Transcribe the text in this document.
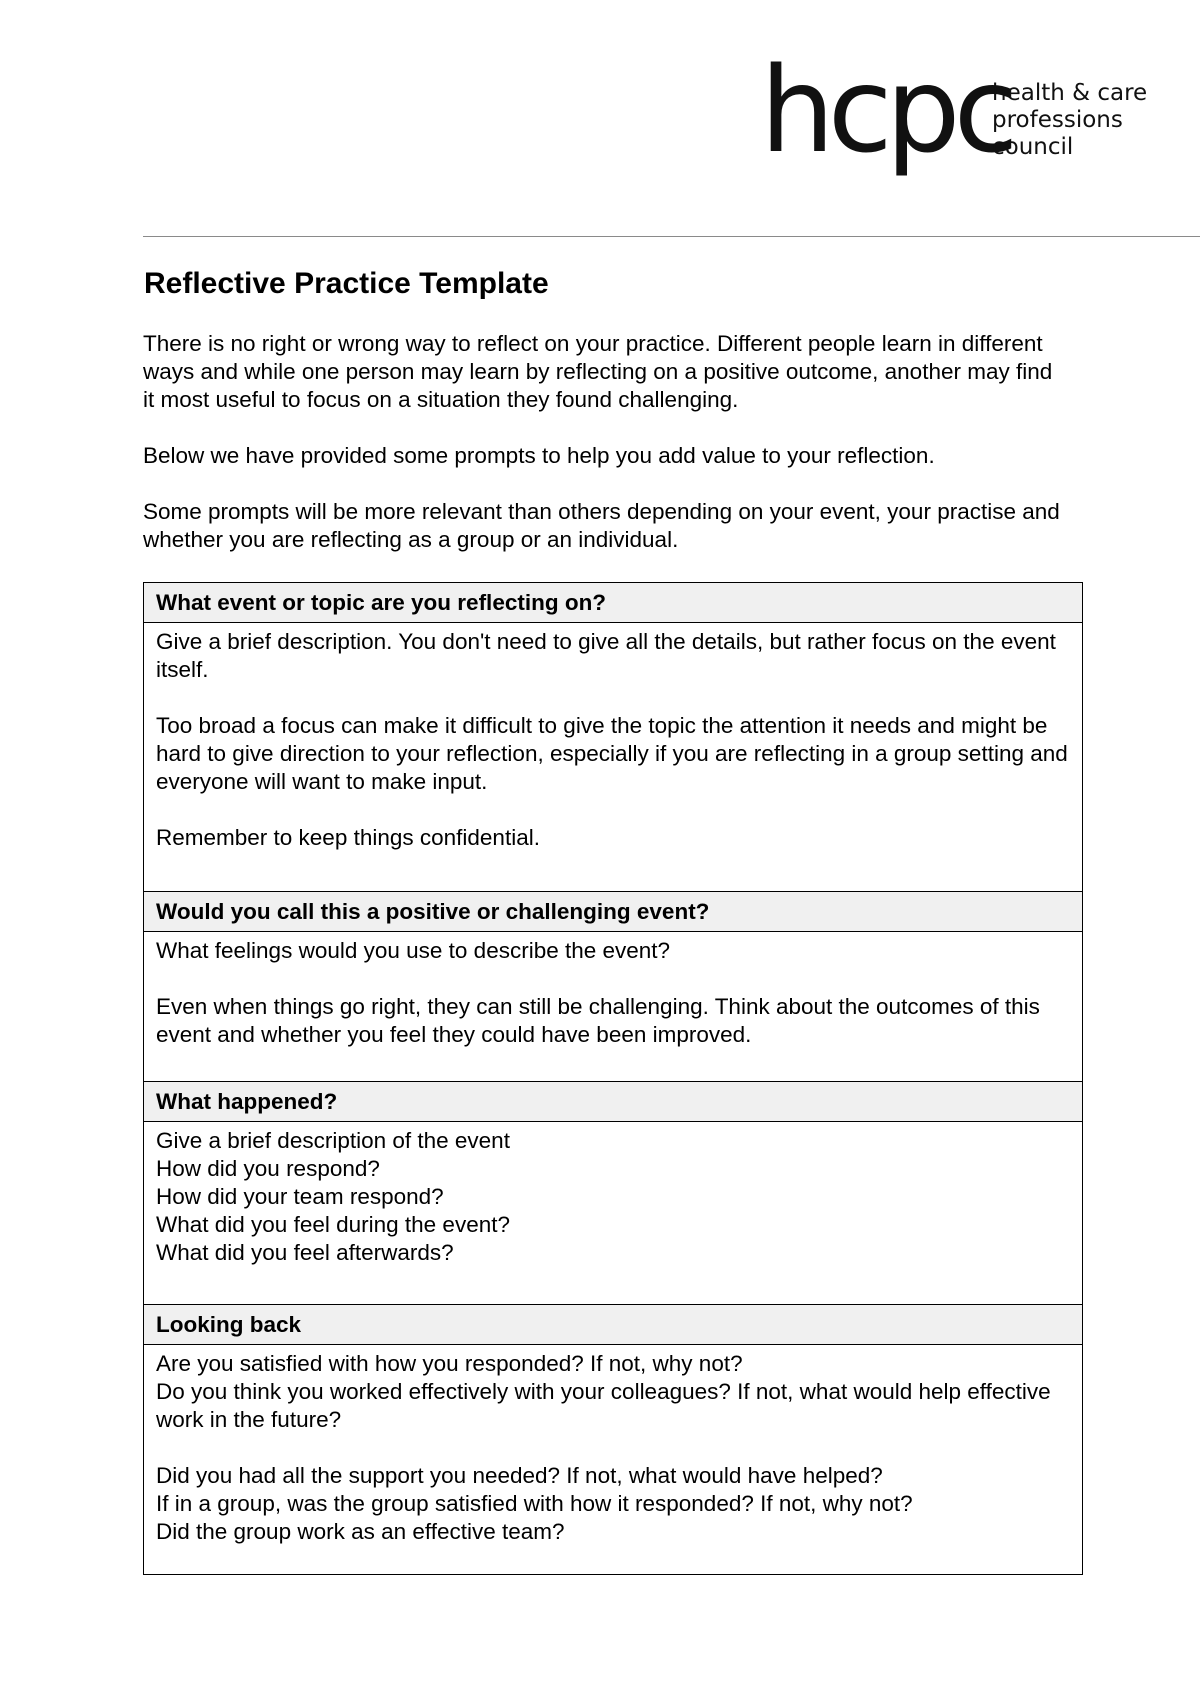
hcpc
health & care
professions
council
Reflective Practice Template

There is no right or wrong way to reflect on your practice. Different people learn in different ways and while one person may learn by reflecting on a positive outcome, another may find it most useful to focus on a situation they found challenging.

Below we have provided some prompts to help you add value to your reflection.

Some prompts will be more relevant than others depending on your event, your practise and whether you are reflecting as a group or an individual.

What event or topic are you reflecting on?

Give a brief description. You don't need to give all the details, but rather focus on the event itself.

Too broad a focus can make it difficult to give the topic the attention it needs and might be hard to give direction to your reflection, especially if you are reflecting in a group setting and everyone will want to make input.

Remember to keep things confidential.

Would you call this a positive or challenging event?

What feelings would you use to describe the event?

Even when things go right, they can still be challenging. Think about the outcomes of this event and whether you feel they could have been improved.

What happened?

Give a brief description of the event
How did you respond?
How did your team respond?
What did you feel during the event?
What did you feel afterwards?

Looking back

Are you satisfied with how you responded? If not, why not?
Do you think you worked effectively with your colleagues? If not, what would help effective work in the future?

Did you had all the support you needed? If not, what would have helped?
If in a group, was the group satisfied with how it responded? If not, why not?
Did the group work as an effective team?
